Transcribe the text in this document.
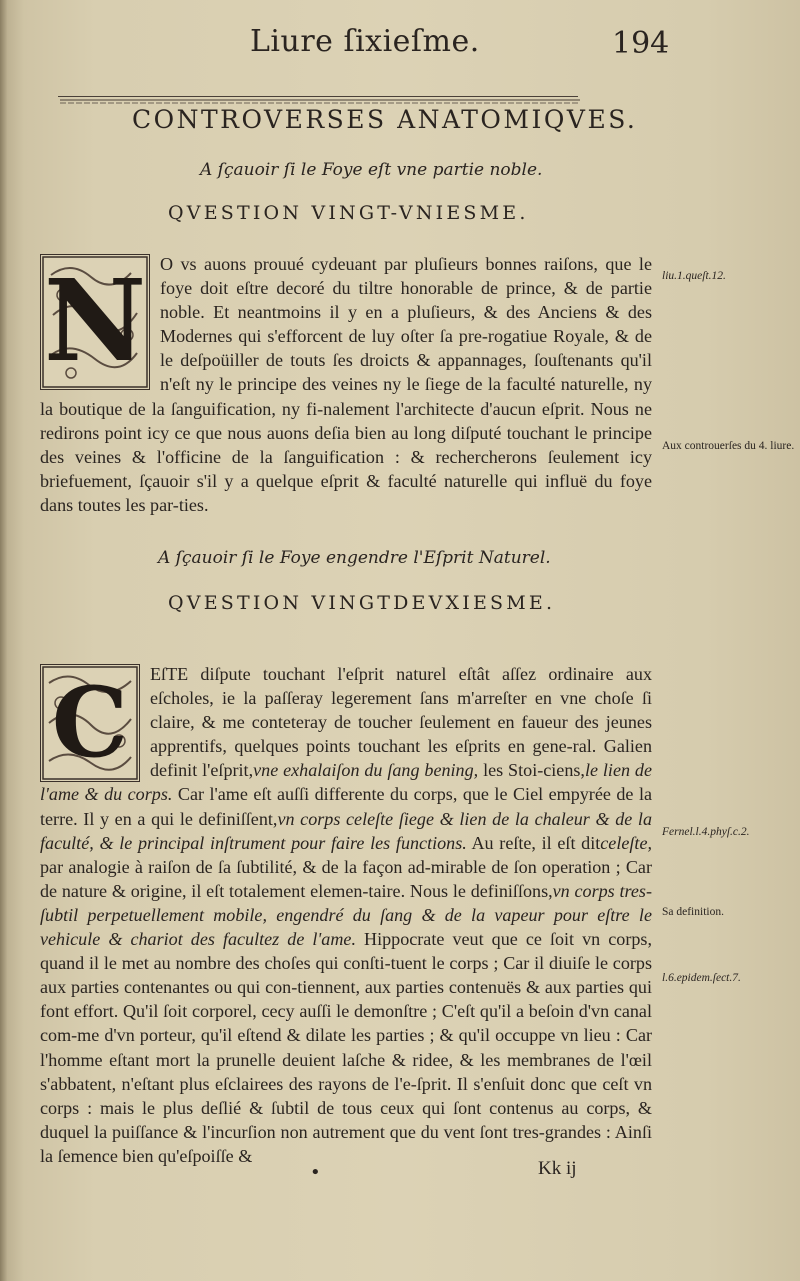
Liure ſixieſme.	194
CONTROVERSES ANATOMIQVES.
A ſçauoir ſi le Foye eſt vne partie noble.
QVESTION VINGT-VNIESME.
N O vs auons prouué cydeuant par pluſieurs bonnes raiſons, que le foye doit eſtre decoré du tiltre honorable de prince, & de partie noble. Et neantmoins il y en a pluſieurs, & des Anciens & des Modernes qui s'efforcent de luy oſter ſa pre-rogatiue Royale, & de le deſpoüiller de touts ſes droicts & appannages, ſouſtenants qu'il n'eſt ny le principe des veines ny le ſiege de la faculté naturelle, ny la boutique de la ſanguification, ny fi-nalement l'architecte d'aucun eſprit. Nous ne redirons point icy ce que nous auons deſia bien au long diſputé touchant le principe des veines & l'officine de la ſanguification : & rechercherons ſeulement icy briefuement, ſçauoir s'il y a quelque eſprit & faculté naturelle qui influë du foye dans toutes les par-ties.
A ſçauoir ſi le Foye engendre l'Eſprit Naturel.
QVESTION VINGTDEVXIESME.
C	EſTE diſpute touchant l'eſprit naturel eſtât aſſez ordinaire aux eſcholes, ie la paſſeray legerement ſans m'arreſter en vne choſe ſi claire, & me conteteray de toucher ſeulement en faueur des jeunes apprentifs, quelques points touchant les eſprits en gene-ral. Galien definit l'eſprit,vne exhalaiſon du ſang bening, les Stoi-ciens,le lien de l'ame & du corps. Car l'ame eſt auſſi differente du corps, que le Ciel empyrée de la terre. Il y en a qui le definiſſent,vn corps celeſte ſiege & lien de la chaleur & de la faculté, & le principal inſtrument pour faire les functions. Au reſte, il eſt ditceleſte, par analogie à raiſon de ſa ſubtilité, & de la façon ad-mirable de ſon operation ; Car de nature & origine, il eſt totalement elemen-taire. Nous le definiſſons,vn corps tres-ſubtil perpetuellement mobile, engendré du ſang & de la vapeur pour eſtre le vehicule & chariot des facultez de l'ame. Hippocrate veut que ce ſoit vn corps, quand il le met au nombre des choſes qui conſti-tuent le corps ; Car il diuiſe le corps aux parties contenantes ou qui con-tiennent, aux parties contenuës & aux parties qui font effort. Qu'il ſoit corporel, cecy auſſi le demonſtre ; C'eſt qu'il a beſoin d'vn canal com-me d'vn porteur, qu'il eſtend & dilate les parties ; & qu'il occuppe vn lieu : Car l'homme eſtant mort la prunelle deuient laſche & ridee, & les membranes de l'œil s'abbatent, n'eſtant plus eſclairees des rayons de l'e-ſprit. Il s'enſuit donc que ceſt vn corps : mais le plus deſlié & ſubtil de tous ceux qui ſont contenus au corps, & duquel la puiſſance & l'incurſion non autrement que du vent ſont tres-grandes : Ainſi la ſemence bien qu'eſpoiſſe &
liu.1.queſt.12.
Aux controuerſes du 4. liure.
Fernel.l.4.phyſ.c.2.
Sa definition.
l.6.epidem.ſect.7.
•	Kk ij
